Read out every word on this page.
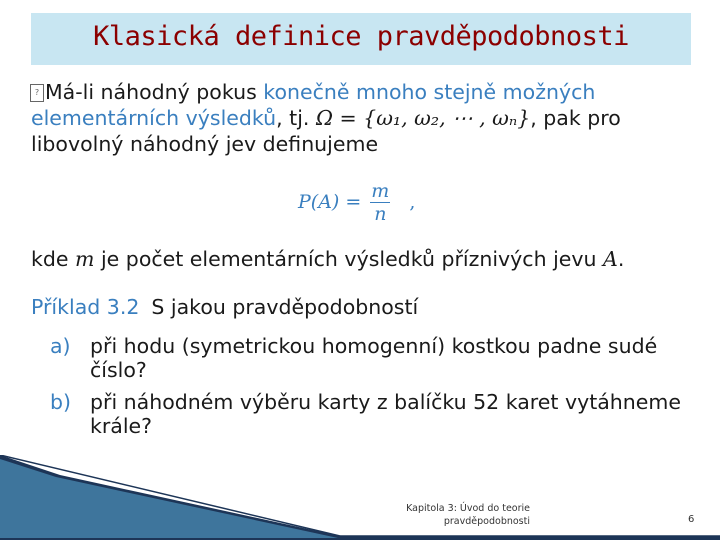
Klasická definice pravděpodobnosti
? Má-li náhodný pokus konečně mnoho stejně možných elementárních výsledků, tj. Ω = {ω₁, ω₂, ⋯ , ωₙ}, pak pro libovolný náhodný jev definujeme
$P(A) = \frac{m}{n}$ ,
kde m je počet elementárních výsledků příznivých jevu A.
Příklad 3.2 S jakou pravděpodobností
a) při hodu (symetrickou homogenní) kostkou padne sudé číslo?
b) při náhodném výběru karty z balíčku 52 karet vytáhneme krále?
Kapitola 3: Úvod do teorie
pravděpodobnosti	6
